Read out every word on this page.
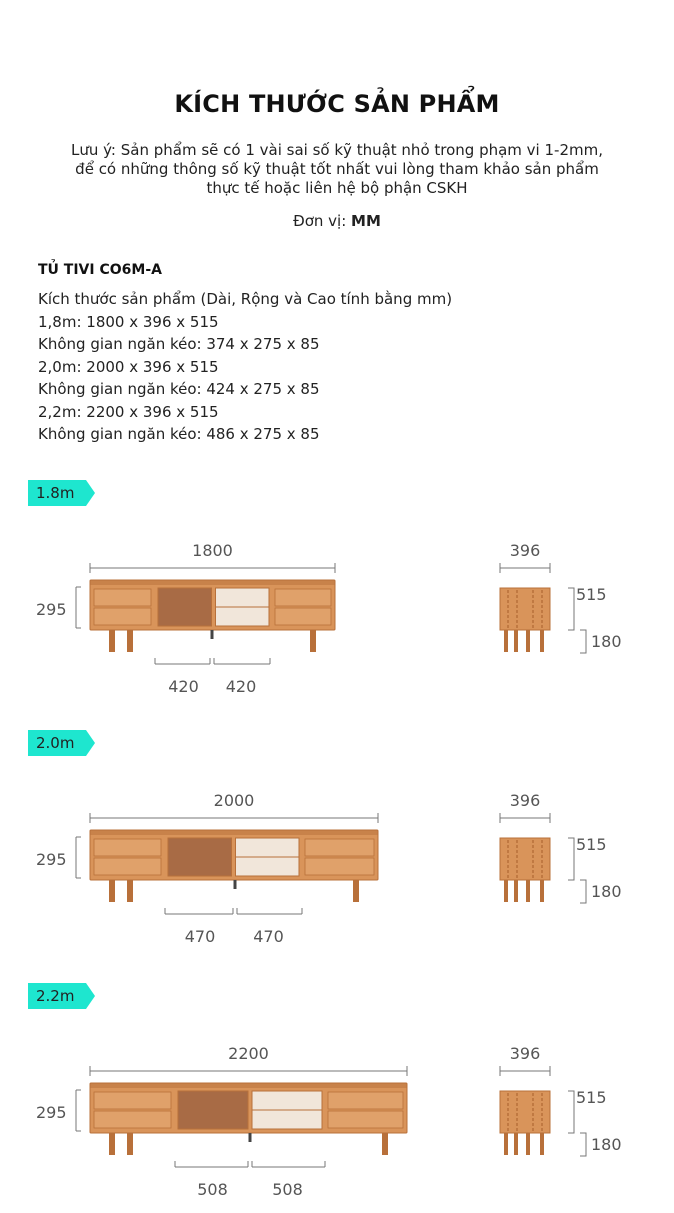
KÍCH THƯỚC SẢN PHẨM
Lưu ý: Sản phẩm sẽ có 1 vài sai số kỹ thuật nhỏ trong phạm vi 1-2mm,
để có những thông số kỹ thuật tốt nhất vui lòng tham khảo sản phẩm
thực tế hoặc liên hệ bộ phận CSKH
Đơn vị: MM
TỦ TIVI CO6M-A
Kích thước sản phẩm (Dài, Rộng và Cao tính bằng mm)
1,8m: 1800 x 396 x 515
Không gian ngăn kéo: 374 x 275 x 85
2,0m: 2000 x 396 x 515
Không gian ngăn kéo: 424 x 275 x 85
2,2m: 2200 x 396 x 515
Không gian ngăn kéo: 486 x 275 x 85
1.8m
1800
295
420 420
396
515
180
2.0m
2000
295
470 470
396
515
180
2.2m
2200
295
508	508
396
515
180
